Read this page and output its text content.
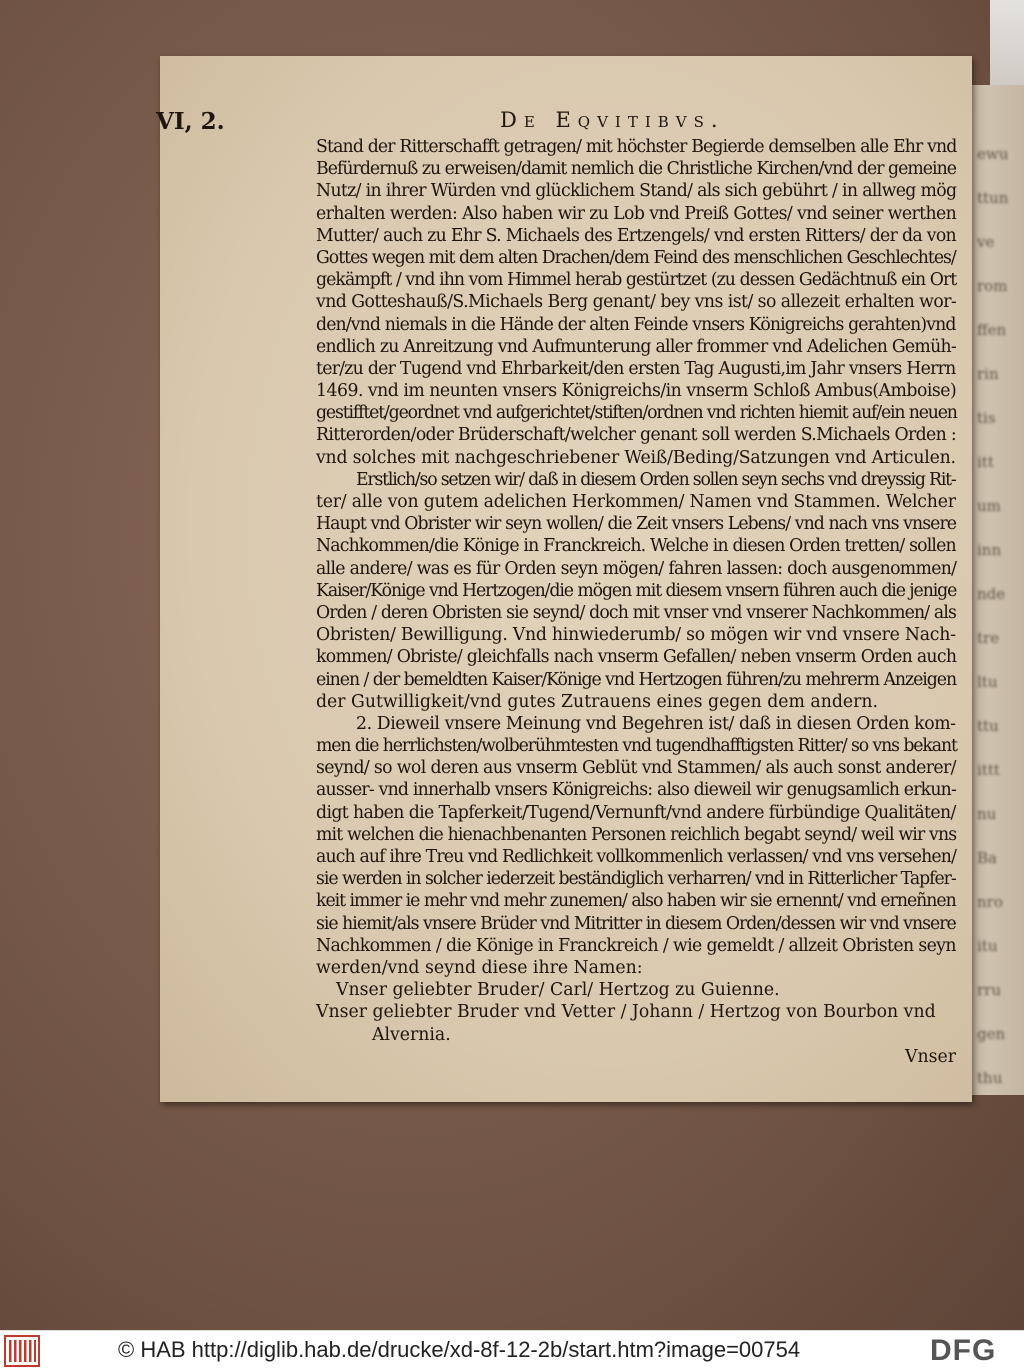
ewu
ttun
ve
rom
ffen
rin
tis
itt
um
inn
nde
tre
ltu
ttu
ittt
nu
Ba
nro
itu
rru
gen
thu
VI, 2.	De Eqvitibvs.
Stand der Ritterschafft getragen/ mit höchster Begierde demselben alle Ehr vnd
Befürdernuß zu erweisen/damit nemlich die Christliche Kirchen/vnd der gemeine
Nutz/ in ihrer Würden vnd glücklichem Stand/ als sich gebührt / in allweg mög
erhalten werden: Also haben wir zu Lob vnd Preiß Gottes/ vnd seiner werthen
Mutter/ auch zu Ehr S. Michaels des Ertzengels/ vnd ersten Ritters/ der da von
Gottes wegen mit dem alten Drachen/dem Feind des menschlichen Geschlechtes/
gekämpft / vnd ihn vom Himmel herab gestürtzet (zu dessen Gedächtnuß ein Ort
vnd Gotteshauß/S.Michaels Berg genant/ bey vns ist/ so allezeit erhalten wor-
den/vnd niemals in die Hände der alten Feinde vnsers Königreichs gerahten)vnd
endlich zu Anreitzung vnd Aufmunterung aller frommer vnd Adelichen Gemüh-
ter/zu der Tugend vnd Ehrbarkeit/den ersten Tag Augusti,im Jahr vnsers Herrn
1469. vnd im neunten vnsers Königreichs/in vnserm Schloß Ambus(Amboise)
gestifftet/geordnet vnd aufgerichtet/stiften/ordnen vnd richten hiemit auf/ein neuen
Ritterorden/oder Brüderschaft/welcher genant soll werden S.Michaels Orden :
vnd solches mit nachgeschriebener Weiß/Beding/Satzungen vnd Articulen.
Erstlich/so setzen wir/ daß in diesem Orden sollen seyn sechs vnd dreyssig Rit-
ter/ alle von gutem adelichen Herkommen/ Namen vnd Stammen. Welcher
Haupt vnd Obrister wir seyn wollen/ die Zeit vnsers Lebens/ vnd nach vns vnsere
Nachkommen/die Könige in Franckreich. Welche in diesen Orden tretten/ sollen
alle andere/ was es für Orden seyn mögen/ fahren lassen: doch ausgenommen/
Kaiser/Könige vnd Hertzogen/die mögen mit diesem vnsern führen auch die jenige
Orden / deren Obristen sie seynd/ doch mit vnser vnd vnserer Nachkommen/ als
Obristen/ Bewilligung. Vnd hinwiederumb/ so mögen wir vnd vnsere Nach-
kommen/ Obriste/ gleichfalls nach vnserm Gefallen/ neben vnserm Orden auch
einen / der bemeldten Kaiser/Könige vnd Hertzogen führen/zu mehrerm Anzeigen
der Gutwilligkeit/vnd gutes Zutrauens eines gegen dem andern.
2. Dieweil vnsere Meinung vnd Begehren ist/ daß in diesen Orden kom-
men die herrlichsten/wolberühmtesten vnd tugendhafftigsten Ritter/ so vns bekant
seynd/ so wol deren aus vnserm Geblüt vnd Stammen/ als auch sonst anderer/
ausser- vnd innerhalb vnsers Königreichs: also dieweil wir genugsamlich erkun-
digt haben die Tapferkeit/Tugend/Vernunft/vnd andere fürbündige Qualitäten/
mit welchen die hienachbenanten Personen reichlich begabt seynd/ weil wir vns
auch auf ihre Treu vnd Redlichkeit vollkommenlich verlassen/ vnd vns versehen/
sie werden in solcher iederzeit beständiglich verharren/ vnd in Ritterlicher Tapfer-
keit immer ie mehr vnd mehr zunemen/ also haben wir sie ernennt/ vnd erneñnen
sie hiemit/als vnsere Brüder vnd Mitritter in diesem Orden/dessen wir vnd vnsere
Nachkommen / die Könige in Franckreich / wie gemeldt / allzeit Obristen seyn
werden/vnd seynd diese ihre Namen:
Vnser geliebter Bruder/ Carl/ Hertzog zu Guienne.
Vnser geliebter Bruder vnd Vetter / Johann / Hertzog von Bourbon vnd
Alvernia.
Vnser
© HAB http://diglib.hab.de/drucke/xd-8f-12-2b/start.htm?image=00754	DFG
